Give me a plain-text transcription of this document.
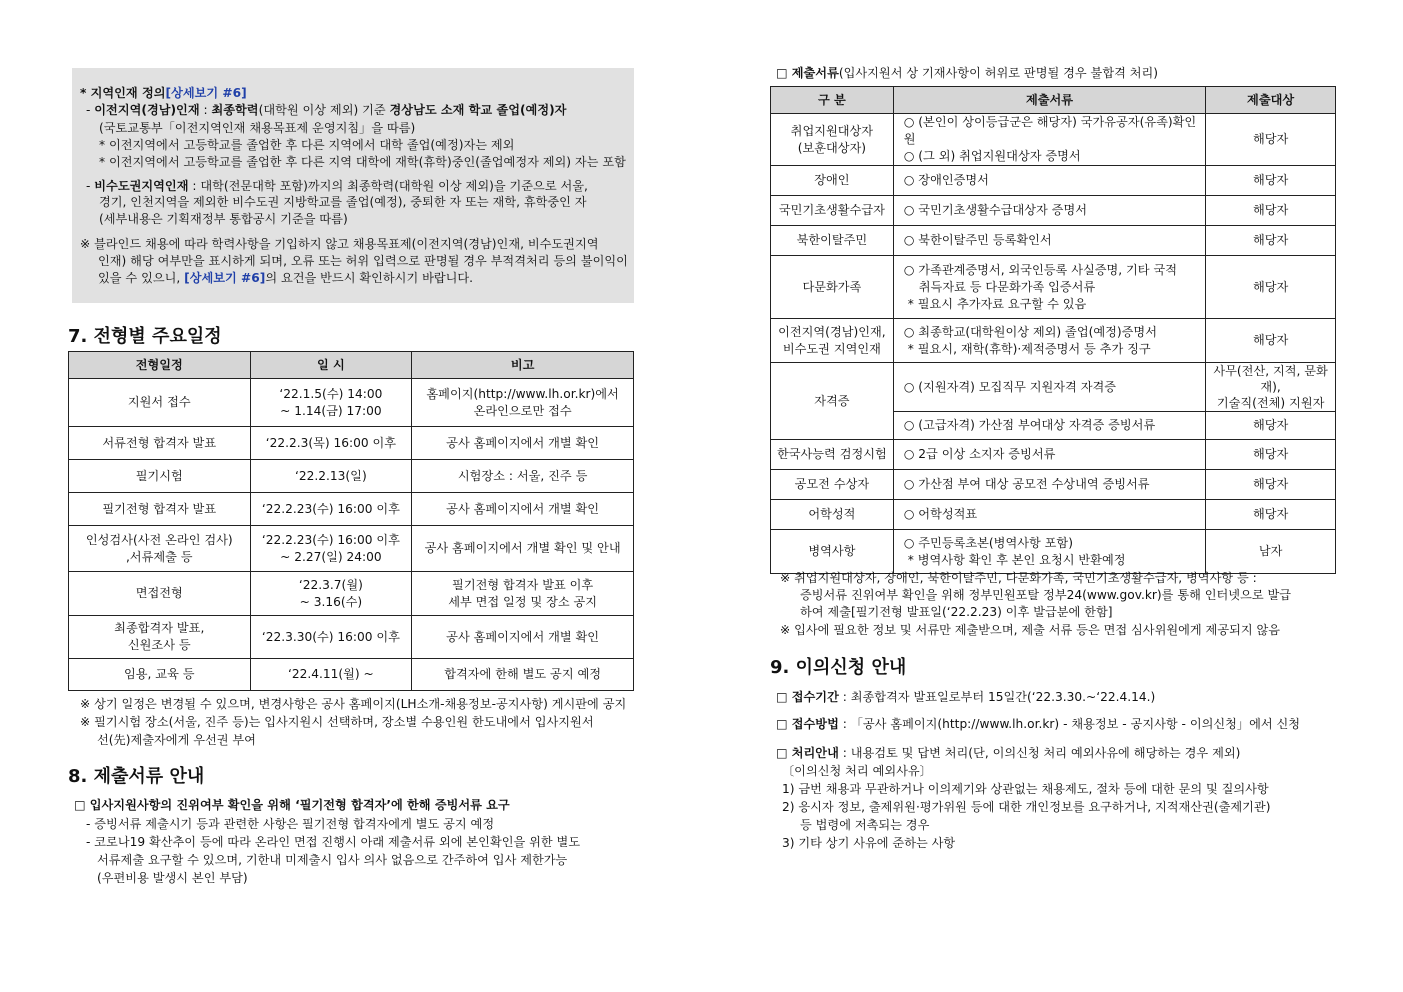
* 지역인재 정의[상세보기 #6]
- 이전지역(경남)인재 : 최종학력(대학원 이상 제외) 기준 경상남도 소재 학교 졸업(예정)자
(국토교통부「이전지역인재 채용목표제 운영지침」을 따름)
* 이전지역에서 고등학교를 졸업한 후 다른 지역에서 대학 졸업(예정)자는 제외
* 이전지역에서 고등학교를 졸업한 후 다른 지역 대학에 재학(휴학)중인(졸업예정자 제외) 자는 포함
- 비수도권지역인재 : 대학(전문대학 포함)까지의 최종학력(대학원 이상 제외)을 기준으로 서울,
경기, 인천지역을 제외한 비수도권 지방학교를 졸업(예정), 중퇴한 자 또는 재학, 휴학중인 자
(세부내용은 기획재정부 통합공시 기준을 따름)
※ 블라인드 채용에 따라 학력사항을 기입하지 않고 채용목표제(이전지역(경남)인재, 비수도권지역
인재) 해당 여부만을 표시하게 되며, 오류 또는 허위 입력으로 판명될 경우 부적격처리 등의 불이익이
있을 수 있으니, [상세보기 #6]의 요건을 반드시 확인하시기 바랍니다.
7. 전형별 주요일정
전형일정	일 시	비고
지원서 접수	‘22.1.5(수) 14:00
~ 1.14(금) 17:00	홈페이지(http://www.lh.or.kr)에서
온라인으로만 접수
서류전형 합격자 발표	‘22.2.3(목) 16:00 이후	공사 홈페이지에서 개별 확인
필기시험	‘22.2.13(일)	시험장소 : 서울, 진주 등
필기전형 합격자 발표	‘22.2.23(수) 16:00 이후	공사 홈페이지에서 개별 확인
인성검사(사전 온라인 검사)
,서류제출 등	‘22.2.23(수) 16:00 이후
~ 2.27(일) 24:00	공사 홈페이지에서 개별 확인 및 안내
면접전형	‘22.3.7(월)
~ 3.16(수)	필기전형 합격자 발표 이후
세부 면접 일정 및 장소 공지
최종합격자 발표,
신원조사 등	‘22.3.30(수) 16:00 이후	공사 홈페이지에서 개별 확인
임용, 교육 등	‘22.4.11(월) ~	합격자에 한해 별도 공지 예정
※ 상기 일정은 변경될 수 있으며, 변경사항은 공사 홈페이지(LH소개-채용정보-공지사항) 게시판에 공지
※ 필기시험 장소(서울, 진주 등)는 입사지원시 선택하며, 장소별 수용인원 한도내에서 입사지원서
선(先)제출자에게 우선권 부여
8. 제출서류 안내
□ 입사지원사항의 진위여부 확인을 위해 ‘필기전형 합격자’에 한해 증빙서류 요구
- 증빙서류 제출시기 등과 관련한 사항은 필기전형 합격자에게 별도 공지 예정
- 코로나19 확산추이 등에 따라 온라인 면접 진행시 아래 제출서류 외에 본인확인을 위한 별도
서류제출 요구할 수 있으며, 기한내 미제출시 입사 의사 없음으로 간주하여 입사 제한가능
(우편비용 발생시 본인 부담)
□ 제출서류(입사지원서 상 기재사항이 허위로 판명될 경우 불합격 처리)
구 분	제출서류	제출대상
취업지원대상자
(보훈대상자)	○ (본인이 상이등급군은 해당자) 국가유공자(유족)확인원
○ (그 외) 취업지원대상자 증명서	해당자
장애인	○ 장애인증명서	해당자
국민기초생활수급자	○ 국민기초생활수급대상자 증명서	해당자
북한이탈주민	○ 북한이탈주민 등록확인서	해당자
다문화가족	○ 가족관계증명서, 외국인등록 사실증명, 기타 국적
취득자료 등 다문화가족 입증서류
* 필요시 추가자료 요구할 수 있음	해당자
이전지역(경남)인재,
비수도권 지역인재	○ 최종학교(대학원이상 제외) 졸업(예정)증명서
* 필요시, 재학(휴학)·제적증명서 등 추가 징구	해당자
자격증	○ (지원자격) 모집직무 지원자격 자격증	사무(전산, 지적, 문화재),
기술직(전체) 지원자
	○ (고급자격) 가산점 부여대상 자격증 증빙서류	해당자
한국사능력 검정시험	○ 2급 이상 소지자 증빙서류	해당자
공모전 수상자	○ 가산점 부여 대상 공모전 수상내역 증빙서류	해당자
어학성적	○ 어학성적표	해당자
병역사항	○ 주민등록초본(병역사항 포함)
* 병역사항 확인 후 본인 요청시 반환예정	남자
※ 취업지원대상자, 장애인, 북한이탈주민, 다문화가족, 국민기초생활수급자, 병역사항 등 :
증빙서류 진위여부 확인을 위해 정부민원포탈 정부24(www.gov.kr)를 통해 인터넷으로 발급
하여 제출[필기전형 발표일(‘22.2.23) 이후 발급분에 한함]
※ 입사에 필요한 정보 및 서류만 제출받으며, 제출 서류 등은 면접 심사위원에게 제공되지 않음
9. 이의신청 안내
□ 접수기간 : 최종합격자 발표일로부터 15일간(‘22.3.30.~‘22.4.14.)
□ 접수방법 : 「공사 홈페이지(http://www.lh.or.kr) - 채용정보 - 공지사항 - 이의신청」에서 신청
□ 처리안내 : 내용검토 및 답변 처리(단, 이의신청 처리 예외사유에 해당하는 경우 제외)
〔이의신청 처리 예외사유〕
1) 금번 채용과 무관하거나 이의제기와 상관없는 채용제도, 절차 등에 대한 문의 및 질의사항
2) 응시자 정보, 출제위원·평가위원 등에 대한 개인정보를 요구하거나, 지적재산권(출제기관)
등 법령에 저촉되는 경우
3) 기타 상기 사유에 준하는 사항
